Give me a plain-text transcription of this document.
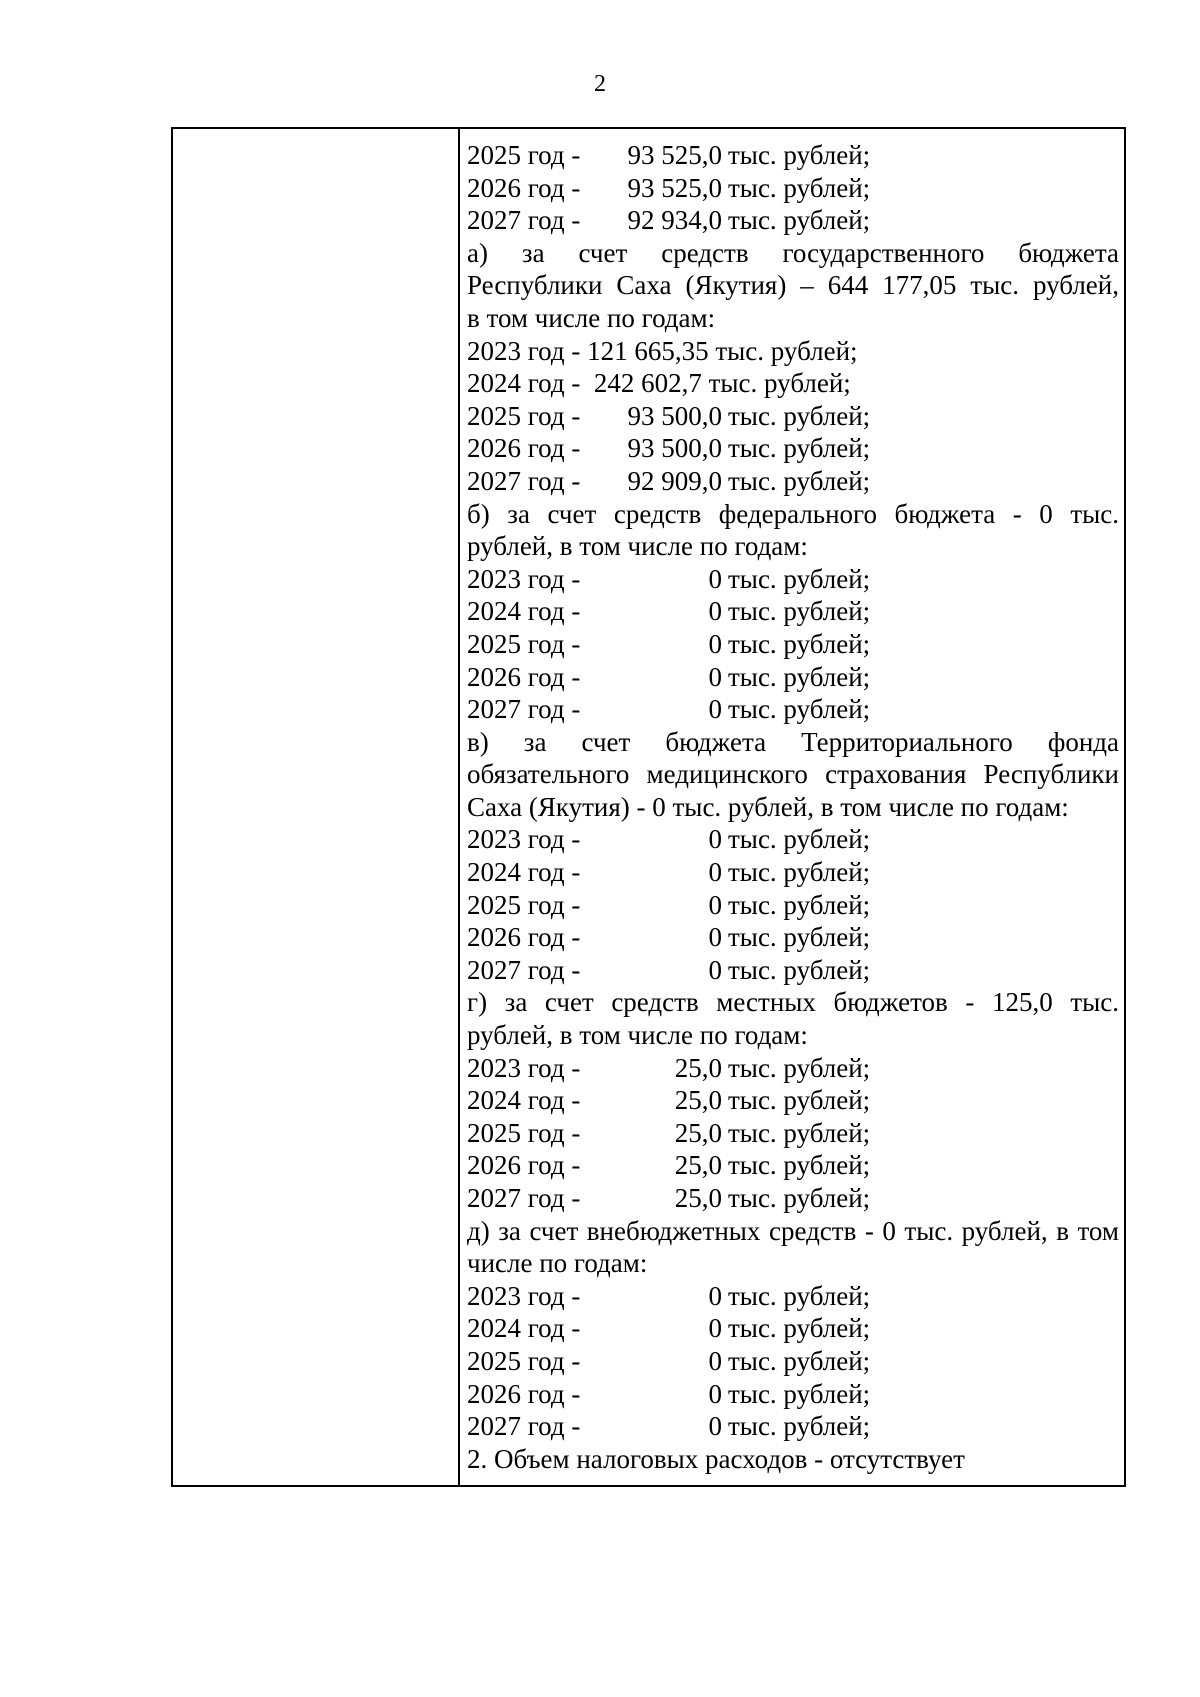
2
2025 год - 93 525,0 тыс. рублей;
2026 год - 93 525,0 тыс. рублей;
2027 год - 92 934,0 тыс. рублей;
а) за счет средств государственного бюджета
Республики Саха (Якутия) – 644 177,05 тыс. рублей,
в том числе по годам:
2023 год - 121 665,35 тыс. рублей;
2024 год -  242 602,7 тыс. рублей;
2025 год - 93 500,0 тыс. рублей;
2026 год - 93 500,0 тыс. рублей;
2027 год - 92 909,0 тыс. рублей;
б) за счет средств федерального бюджета - 0 тыс.
рублей, в том числе по годам:
2023 год -	0 тыс. рублей;
2024 год -	0 тыс. рублей;
2025 год -	0 тыс. рублей;
2026 год -	0 тыс. рублей;
2027 год -	0 тыс. рублей;
в) за счет бюджета Территориального фонда
обязательного медицинского страхования Республики
Саха (Якутия) - 0 тыс. рублей, в том числе по годам:
2023 год -	0 тыс. рублей;
2024 год -	0 тыс. рублей;
2025 год -	0 тыс. рублей;
2026 год -	0 тыс. рублей;
2027 год -	0 тыс. рублей;
г) за счет средств местных бюджетов - 125,0 тыс.
рублей, в том числе по годам:
2023 год -	25,0 тыс. рублей;
2024 год -	25,0 тыс. рублей;
2025 год -	25,0 тыс. рублей;
2026 год -	25,0 тыс. рублей;
2027 год -	25,0 тыс. рублей;
д) за счет внебюджетных средств - 0 тыс. рублей, в том
числе по годам:
2023 год -	0 тыс. рублей;
2024 год -	0 тыс. рублей;
2025 год -	0 тыс. рублей;
2026 год -	0 тыс. рублей;
2027 год -	0 тыс. рублей;
2. Объем налоговых расходов - отсутствует
